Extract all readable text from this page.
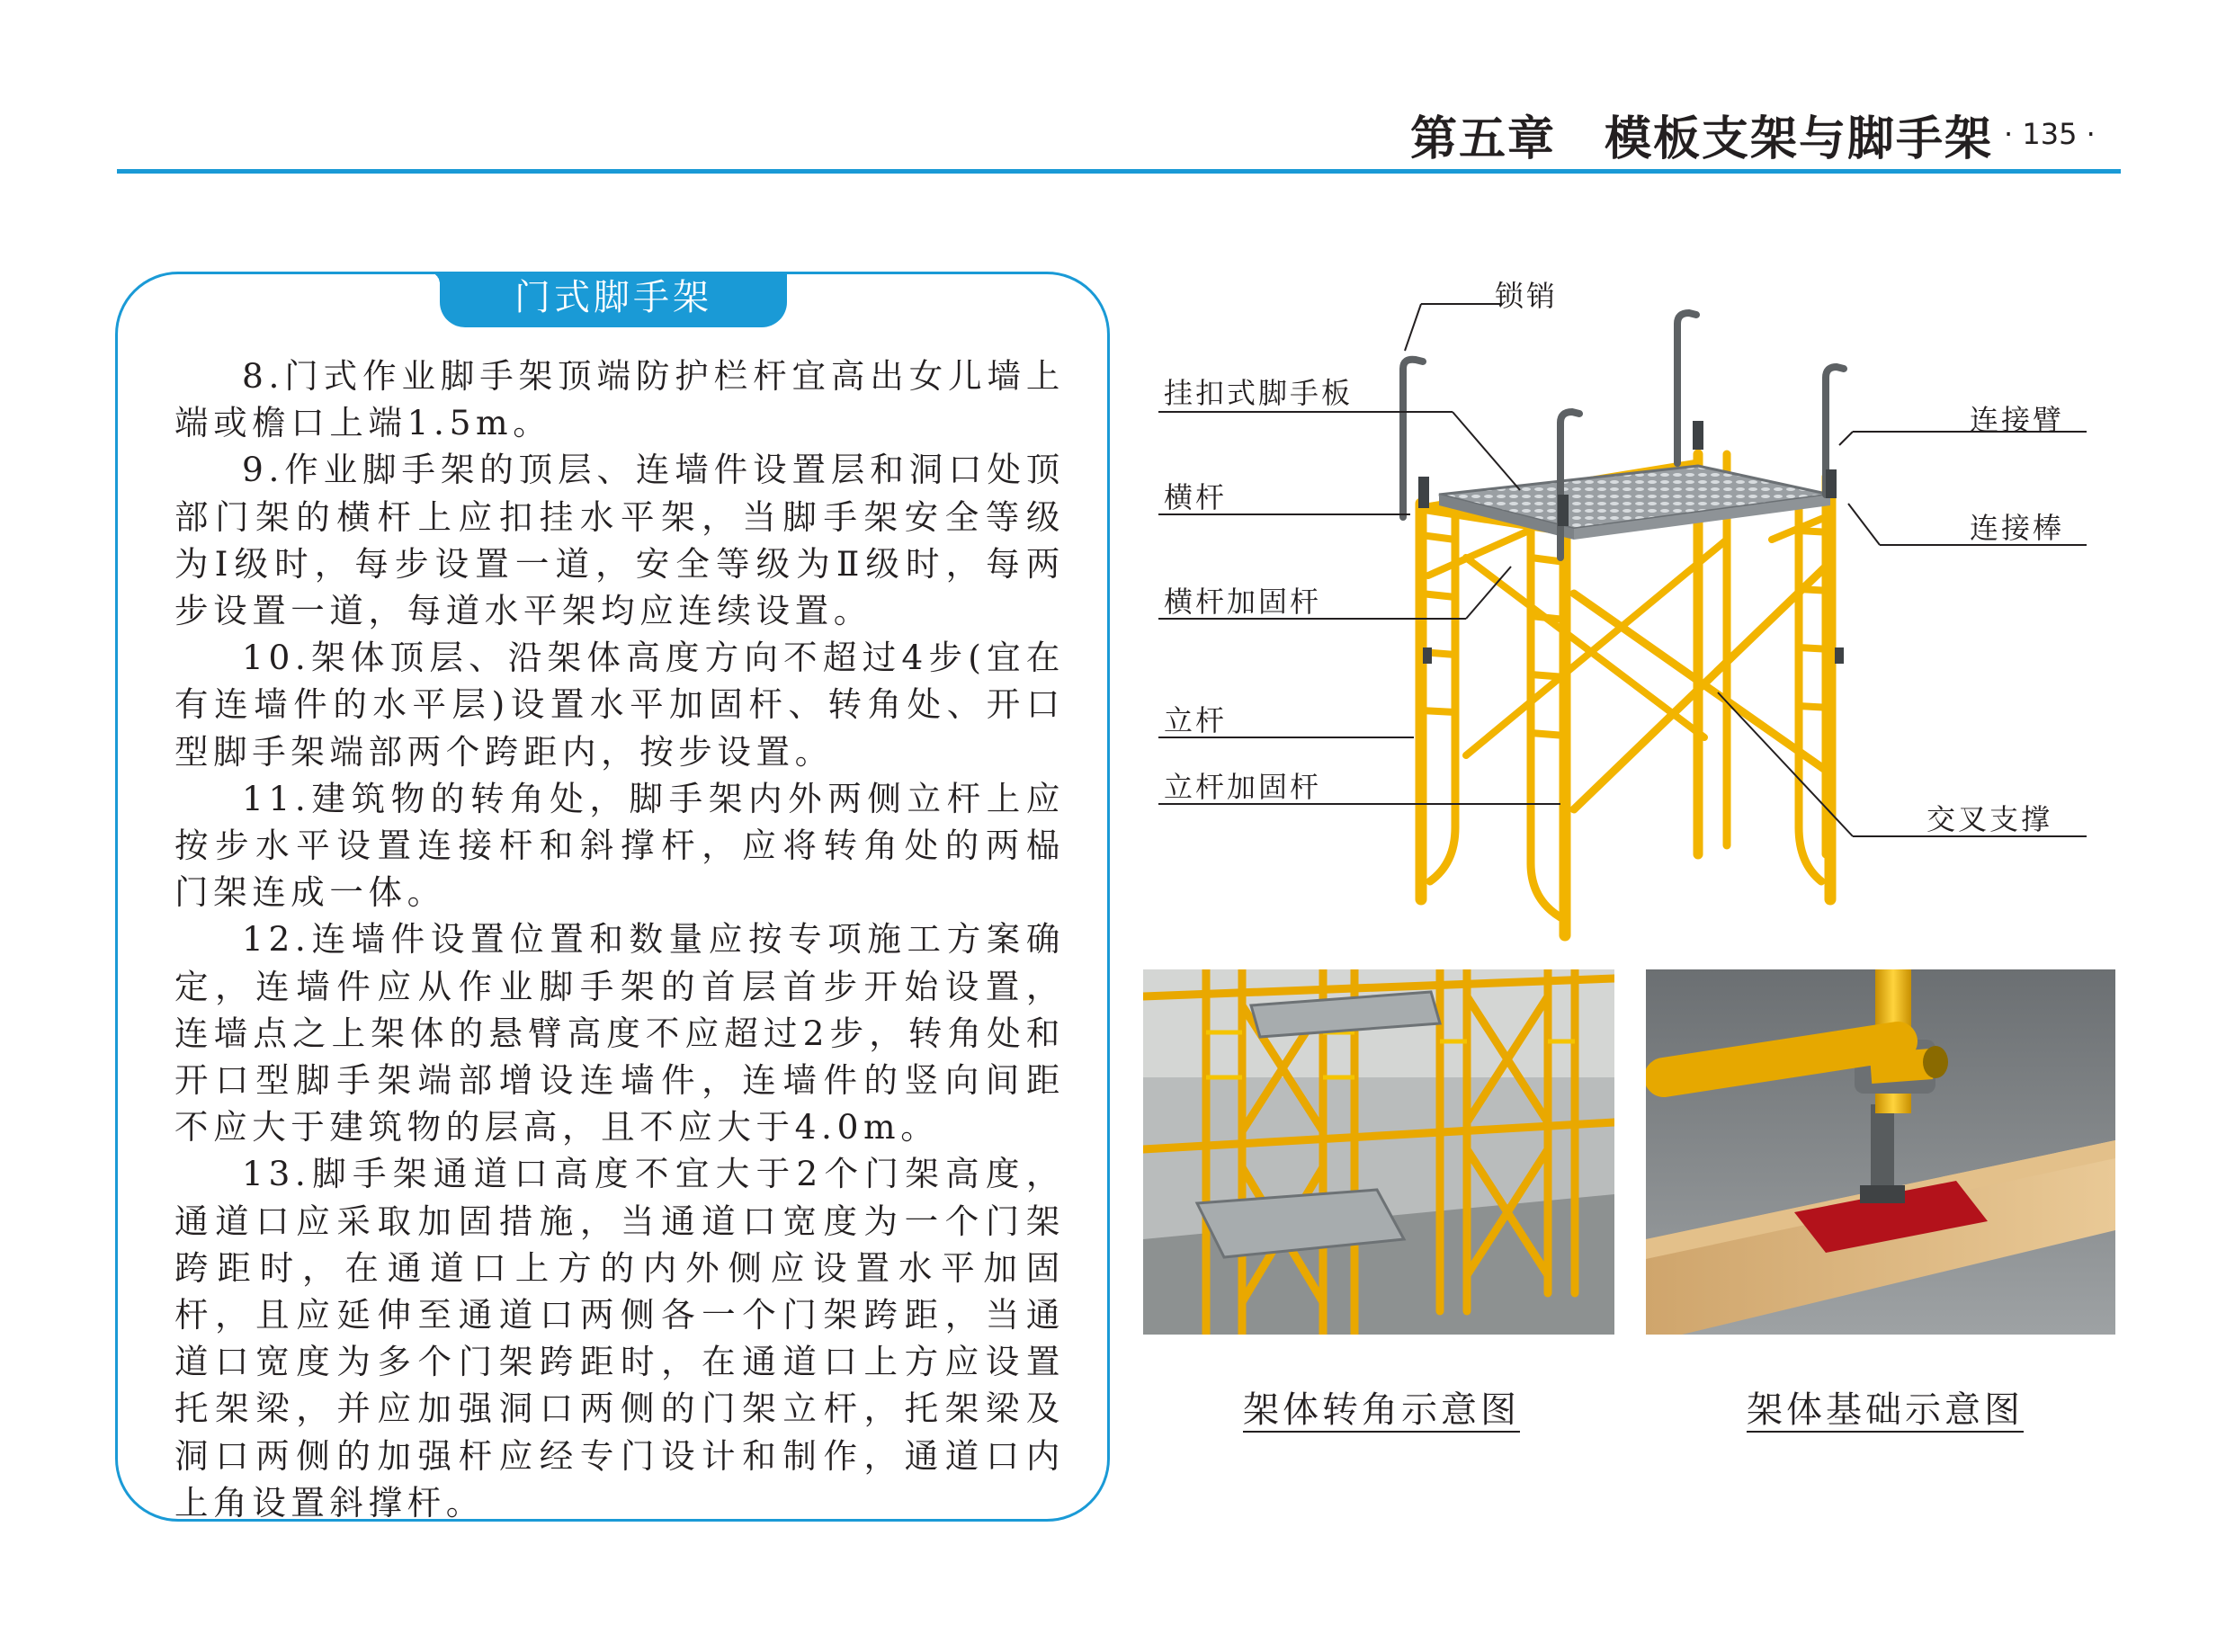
第五章　模板支架与脚手架 · 135 ·
门式脚手架

8.门式作业脚手架顶端防护栏杆宜高出女儿墙上端或檐口上端1.5m。

9.作业脚手架的顶层、连墙件设置层和洞口处顶部门架的横杆上应扣挂水平架，当脚手架安全等级为Ⅰ级时，每步设置一道，安全等级为Ⅱ级时，每两步设置一道，每道水平架均应连续设置。

10.架体顶层、沿架体高度方向不超过4步(宜在有连墙件的水平层)设置水平加固杆、转角处、开口型脚手架端部两个跨距内，按步设置。

11.建筑物的转角处，脚手架内外两侧立杆上应按步水平设置连接杆和斜撑杆，应将转角处的两榀门架连成一体。

12.连墙件设置位置和数量应按专项施工方案确定，连墙件应从作业脚手架的首层首步开始设置，连墙点之上架体的悬臂高度不应超过2步，转角处和开口型脚手架端部增设连墙件，连墙件的竖向间距不应大于建筑物的层高，且不应大于4.0m。

13.脚手架通道口高度不宜大于2个门架高度，通道口应采取加固措施，当通道口宽度为一个门架跨距时，在通道口上方的内外侧应设置水平加固杆，且应延伸至通道口两侧各一个门架跨距，当通道口宽度为多个门架跨距时，在通道口上方应设置托架梁，并应加强洞口两侧的门架立杆，托架梁及洞口两侧的加强杆应经专门设计和制作，通道口内上角设置斜撑杆。

锁销
挂扣式脚手板
横杆
横杆加固杆
立杆
立杆加固杆
连接臂
连接棒
交叉支撑
架体转角示意图	架体基础示意图
